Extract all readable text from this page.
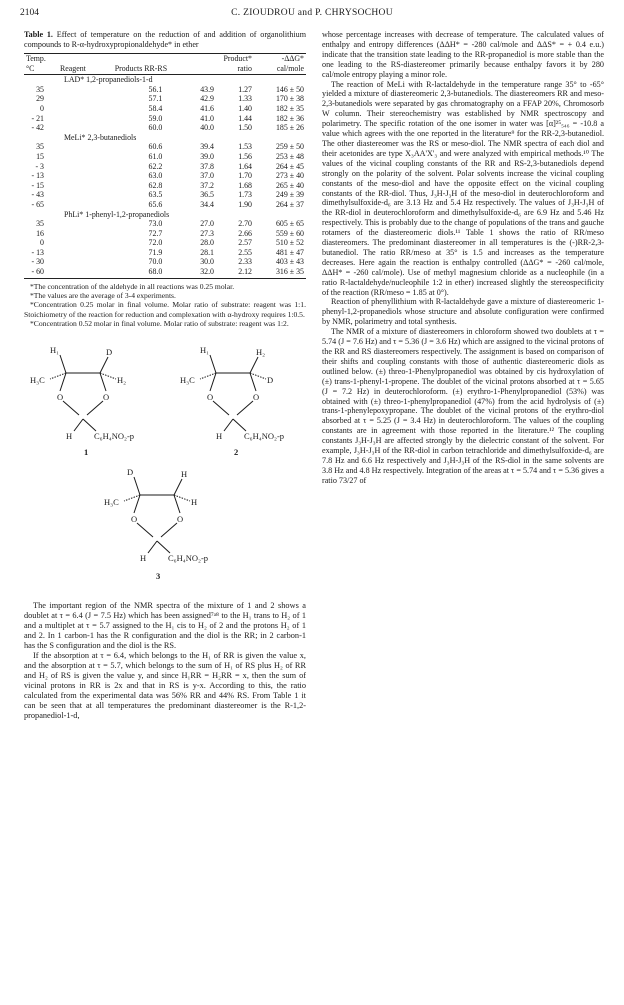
2104	C. ZIOUDROU and P. CHRYSOCHOU
Table 1. Effect of temperature on the reduction of and addition of organolithium compounds to R-α-hydroxypropionaldehyde* in ether

Temp. °C	Reagent	Products RR-RS		Product* ratio	-ΔΔG* cal/mole

LAD* 1,2-propanediols-1-d					
35		56.1	43.9	1.27	146 ± 50
29		57.1	42.9	1.33	170 ± 38
0		58.4	41.6	1.40	182 ± 35
- 21		59.0	41.0	1.44	182 ± 36
- 42		60.0	40.0	1.50	185 ± 26
MeLi* 2,3-butanediols					
35		60.6	39.4	1.53	259 ± 50
15		61.0	39.0	1.56	253 ± 48
- 3		62.2	37.8	1.64	264 ± 45
- 13		63.0	37.0	1.70	273 ± 40
- 15		62.8	37.2	1.68	265 ± 40
- 43		63.5	36.5	1.73	249 ± 39
- 65		65.6	34.4	1.90	264 ± 37
PhLi* 1-phenyl-1,2-propanediols					
35		73.0	27.0	2.70	605 ± 65
16		72.7	27.3	2.66	559 ± 60
0		72.0	28.0	2.57	510 ± 52
- 13		71.9	28.1	2.55	481 ± 47
- 30		70.0	30.0	2.33	403 ± 43
- 60		68.0	32.0	2.12	316 ± 35

*The concentration of the aldehyde in all reactions was 0.25 molar.

*The values are the average of 3-4 experiments.

*Concentration 0.25 molar in final volume. Molar ratio of substrate: reagent was 1:1. Stoichiometry of the reaction for reduction and complexation with α-hydroxy requires 1:0.5.

*Concentration 0.52 molar in final volume. Molar ratio of substrate: reagent was 1:2.

H₁	D
H₃C	H₂
O	O
H	C₆H₄NO₂-p
1
H₁	H₂
H₃C	D
O	O
H	C₆H₄NO₂-p
2
D	H
H₃C	H
O	O
H	C₆H₄NO₂-p
3

The important region of the NMR spectra of the mixture of 1 and 2 shows a doublet at τ = 6.4 (J = 7.5 Hz) which has been assigned⁷ᵃ⁸ to the H₁ trans to H₂ of 1 and a multiplet at τ = 5.7 assigned to the H₁ cis to H₂ of 2 and the protons H₂ of 1 and 2. In 1 carbon-1 has the R configuration and the diol is the RR; in 2 carbon-1 has the S configuration and the diol is the RS.

If the absorption at τ = 6.4, which belongs to the H₁ of RR is given the value x, and the absorption at τ = 5.7, which belongs to the sum of H₁ of RS plus H₂ of RR and H₂ of RS is given the value y, and since H₁RR = H₂RR = x, then the sum of vicinal protons in RR is 2x and that in RS is y-x. According to this, the ratio calculated from the experimental data was 56% RR and 44% RS. From Table 1 it can be seen that at all temperatures the predominant diastereomer is the R-1,2-propanediol-1-d,

whose percentage increases with decrease of temperature. The calculated values of enthalpy and entropy differences (ΔΔH* = -280 cal/mole and ΔΔS* = + 0.4 e.u.) indicate that the transition state leading to the RR-propanediol is more stable than the one leading to the RS-diastereomer primarily because enthalpy favors it by 280 cal/mole entropy playing a minor role.

The reaction of MeLi with R-lactaldehyde in the temperature range 35° to -65° yielded a mixture of diastereomeric 2,3-butanediols. The diastereomers RR and meso-2,3-butanediols were separated by gas chromatography on a FFAP 20%, Chromosorb W column. Their stereochemistry was established by NMR spectroscopy and polarimetry. The specific rotation of the one isomer in water was [α]²⁵₅₄₆ = -10.8 a value which agrees with the one reported in the literature⁹ for the RR-2,3-butanediol. The other diastereomer was the RS or meso-diol. The NMR spectra of each diol and their acetonides are type X₃AA'X'₃ and were analyzed with empirical methods.¹⁰ The values of the vicinal coupling constants of the RR and RS-2,3-butanediols depend strongly on the polarity of the solvent. Polar solvents increase the vicinal coupling constants of the meso-diol and have the opposite effect on the vicinal coupling constants of the RR-diol. Thus, J₃H-J₃H of the meso-diol in deuterochloroform and dimethylsulfoxide-d₆ are 3.13 Hz and 5.4 Hz respectively. The values of J₃H-J₃H of the RR-diol in deuterochloroform and dimethylsulfoxide-d₆ are 6.9 Hz and 5.46 Hz respectively. This is probably due to the change of populations of the trans and gauche rotamers of the diastereomeric diols.¹¹ Table 1 shows the ratio of RR/meso diastereomers. The predominant diastereomer in all temperatures is the (-)RR-2,3-butanediol. The ratio RR/meso at 35° is 1.5 and increases as the temperature decreases. Here again the reaction is enthalpy controlled (ΔΔG* = -260 cal/mole, ΔΔH* = -260 cal/mole). Use of methyl magnesium chloride as a nucleophile (in a ratio R-lactaldehyde/nucleophile 1:2 in ether) increased slightly the stereospecificity of the reaction (RR/meso = 1.85 at 0°).

Reaction of phenyllithium with R-lactaldehyde gave a mixture of diastereomeric 1-phenyl-1,2-propanediols whose structure and absolute configuration were confirmed by NMR, polarimetry and total synthesis.

The NMR of a mixture of diastereomers in chloroform showed two doublets at τ = 5.74 (J = 7.6 Hz) and τ = 5.36 (J = 3.6 Hz) which are assigned to the vicinal protons of the RR and RS diastereomers respectively. The assignment is based on comparison of their shifts and coupling constants with those of authentic diastereomeric diols as outlined below. (±) threo-1-Phenylpropanediol was obtained by cis hydroxylation of (±) trans-1-phenyl-1-propene. The doublet of the vicinal protons absorbed at τ = 5.65 (J = 7.2 Hz) in deuterochloroform. (±) erythro-1-Phenylpropanediol (53%) was obtained with (±) threo-1-phenylpropanediol (47%) from the acid hydrolysis of (±) trans-1-phenylepoxypropane. The doublet of the vicinal protons of the erythro-diol absorbed at τ = 5.25 (J = 3.4 Hz) in deuterochloroform. The values of the coupling constants are in agreement with those reported in the literature.¹² The coupling constants J₃H-J₃H are affected strongly by the dielectric constant of the solvent. For example, J₃H-J₃H of the RR-diol in carbon tetrachloride and dimethylsulfoxide-d₆ are 7.8 Hz and 6.6 Hz respectively and J₃H-J₃H of the RS-diol in the same solvents are 3.8 Hz and 4.8 Hz respectively. Integration of the areas at τ = 5.74 and τ = 5.36 gives a ratio 73/27 of
